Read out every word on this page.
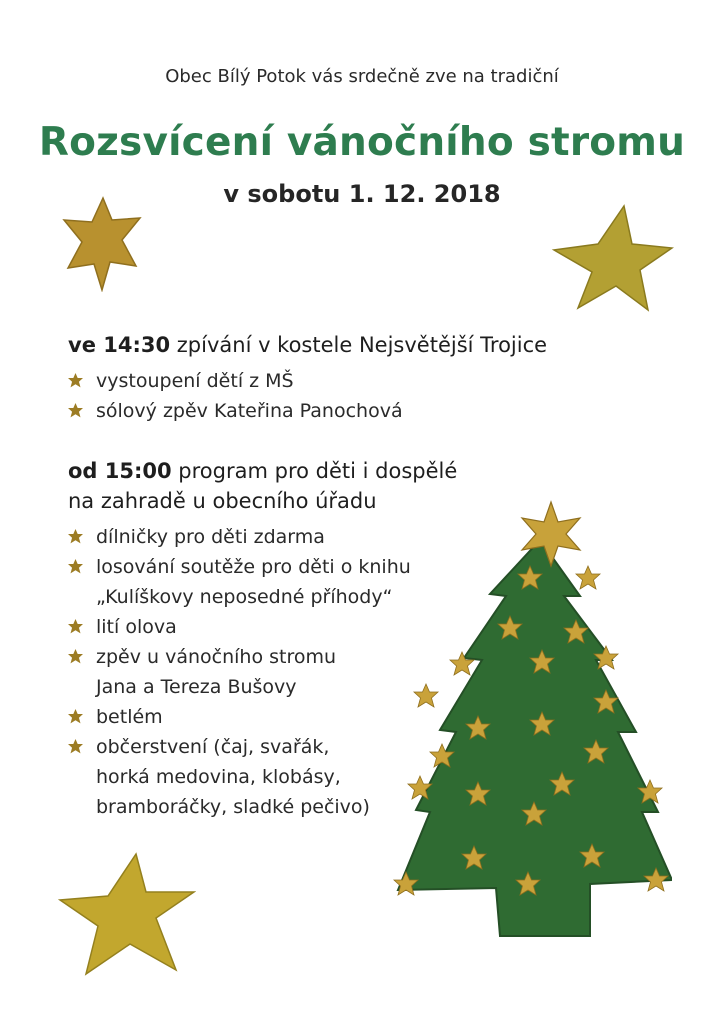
Obec Bílý Potok vás srdečně zve na tradiční
Rozsvícení vánočního stromu
v sobotu 1. 12. 2018
ve 14:30 zpívání v kostele Nejsvětější Trojice
vystoupení dětí z MŠ
sólový zpěv Kateřina Panochová
od 15:00 program pro děti i dospělé
na zahradě u obecního úřadu
dílničky pro děti zdarma
losování soutěže pro děti o knihu
„Kulíškovy neposedné příhody“
lití olova
zpěv u vánočního stromu
Jana a Tereza Bušovy
betlém
občerstvení (čaj, svařák,
horká medovina, klobásy,
bramboráčky, sladké pečivo)
